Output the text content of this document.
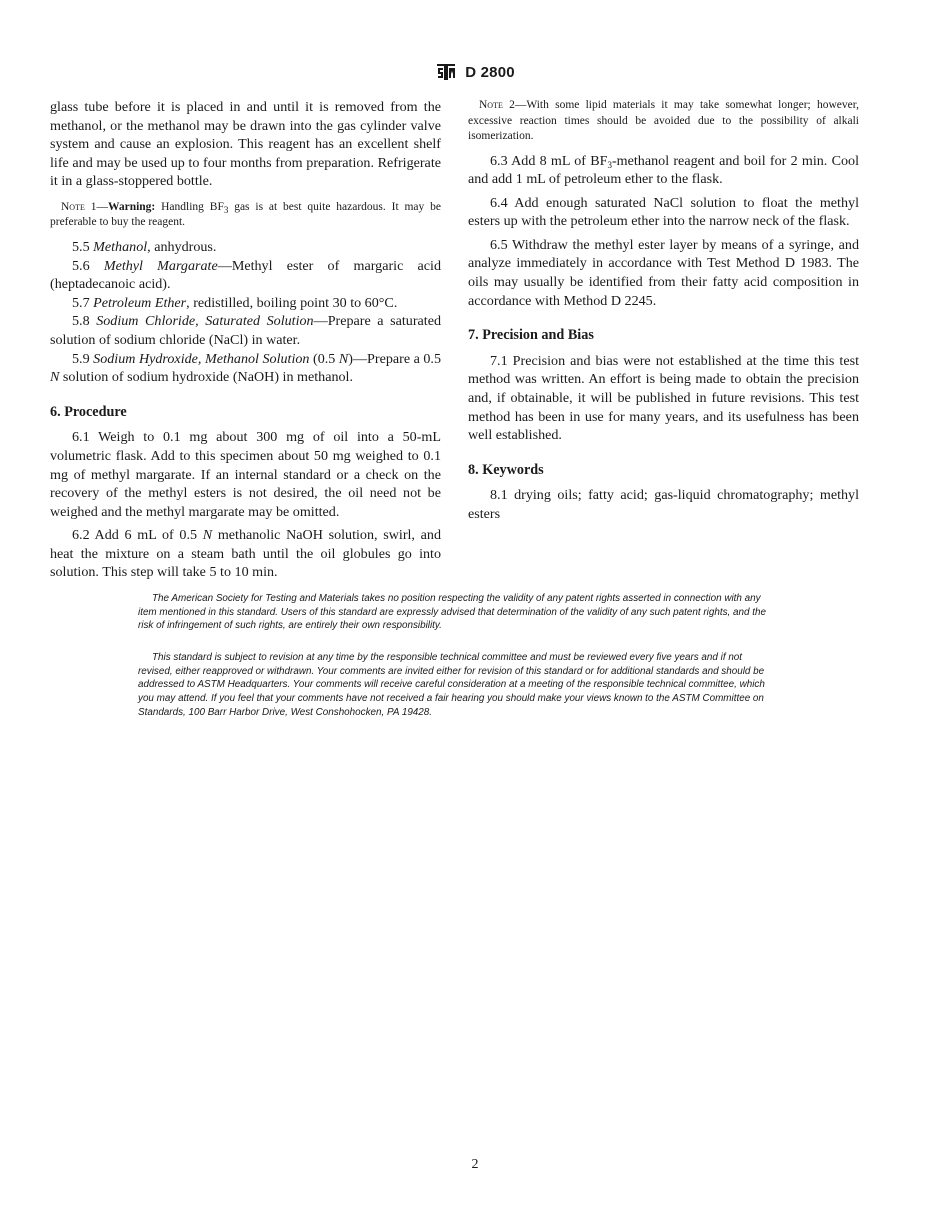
D 2800

glass tube before it is placed in and until it is removed from the methanol, or the methanol may be drawn into the gas cylinder valve system and cause an explosion. This reagent has an excellent shelf life and may be used up to four months from preparation. Refrigerate it in a glass-stoppered bottle.

Note 1—Warning: Handling $BF_3$ gas is at best quite hazardous. It may be preferable to buy the reagent.

5.5 Methanol, anhydrous.

5.6 Methyl Margarate—Methyl ester of margaric acid (heptadecanoic acid).

5.7 Petroleum Ether, redistilled, boiling point 30 to 60°C.

5.8 Sodium Chloride, Saturated Solution—Prepare a saturated solution of sodium chloride (NaCl) in water.

5.9 Sodium Hydroxide, Methanol Solution (0.5 N)—Prepare a 0.5 N solution of sodium hydroxide (NaOH) in methanol.

6. Procedure

6.1 Weigh to 0.1 mg about 300 mg of oil into a 50-mL volumetric flask. Add to this specimen about 50 mg weighed to 0.1 mg of methyl margarate. If an internal standard or a check on the recovery of the methyl esters is not desired, the oil need not be weighed and the methyl margarate may be omitted.

6.2 Add 6 mL of 0.5 N methanolic NaOH solution, swirl, and heat the mixture on a steam bath until the oil globules go into solution. This step will take 5 to 10 min.

Note 2—With some lipid materials it may take somewhat longer; however, excessive reaction times should be avoided due to the possibility of alkali isomerization.

6.3 Add 8 mL of $BF_3$-methanol reagent and boil for 2 min. Cool and add 1 mL of petroleum ether to the flask.

6.4 Add enough saturated NaCl solution to float the methyl esters up with the petroleum ether into the narrow neck of the flask.

6.5 Withdraw the methyl ester layer by means of a syringe, and analyze immediately in accordance with Test Method D 1983. The oils may usually be identified from their fatty acid composition in accordance with Method D 2245.

7. Precision and Bias

7.1 Precision and bias were not established at the time this test method was written. An effort is being made to obtain the precision and, if obtainable, it will be published in future revisions. This test method has been in use for many years, and its usefulness has been well established.

8. Keywords

8.1 drying oils; fatty acid; gas-liquid chromatography; methyl esters

The American Society for Testing and Materials takes no position respecting the validity of any patent rights asserted in connection with any item mentioned in this standard. Users of this standard are expressly advised that determination of the validity of any such patent rights, and the risk of infringement of such rights, are entirely their own responsibility.

This standard is subject to revision at any time by the responsible technical committee and must be reviewed every five years and if not revised, either reapproved or withdrawn. Your comments are invited either for revision of this standard or for additional standards and should be addressed to ASTM Headquarters. Your comments will receive careful consideration at a meeting of the responsible technical committee, which you may attend. If you feel that your comments have not received a fair hearing you should make your views known to the ASTM Committee on Standards, 100 Barr Harbor Drive, West Conshohocken, PA 19428.

2
